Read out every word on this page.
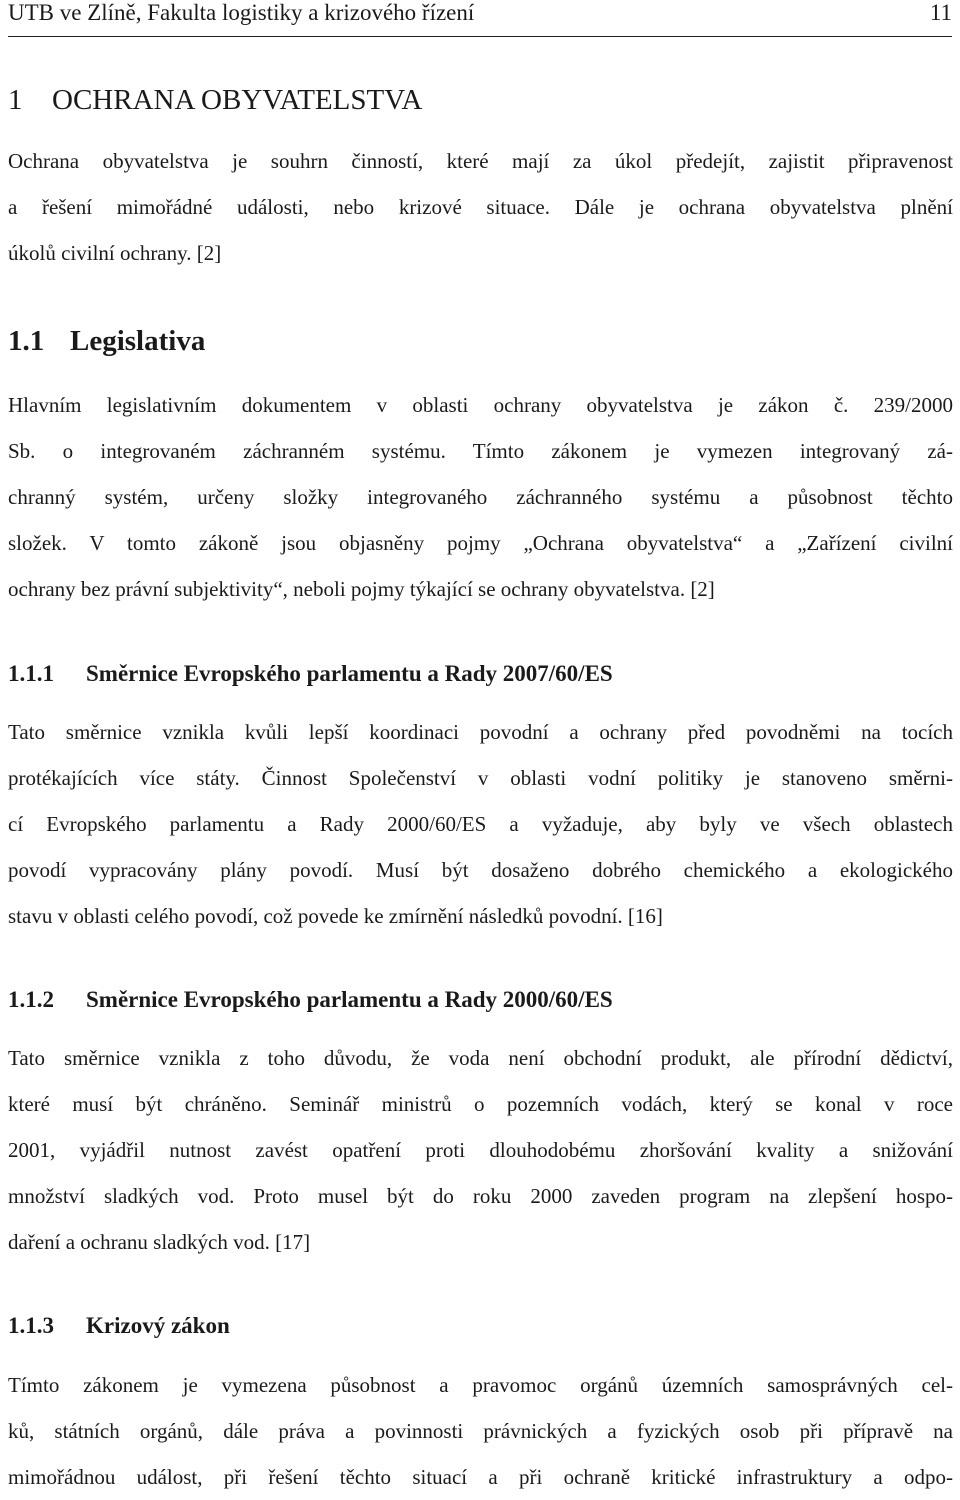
UTB ve Zlíně, Fakulta logistiky a krizového řízení	11
1 OCHRANA OBYVATELSTVA
Ochrana obyvatelstva je souhrn činností, které mají za úkol předejít, zajistit připravenost
a řešení mimořádné události, nebo krizové situace. Dále je ochrana obyvatelstva plnění
úkolů civilní ochrany. [2]
1.1 Legislativa
Hlavním legislativním dokumentem v oblasti ochrany obyvatelstva je zákon č. 239/2000
Sb. o integrovaném záchranném systému. Tímto zákonem je vymezen integrovaný zá-
chranný systém, určeny složky integrovaného záchranného systému a působnost těchto
složek. V tomto zákoně jsou objasněny pojmy „Ochrana obyvatelstva“ a „Zařízení civilní
ochrany bez právní subjektivity“, neboli pojmy týkající se ochrany obyvatelstva. [2]
1.1.1 Směrnice Evropského parlamentu a Rady 2007/60/ES
Tato směrnice vznikla kvůli lepší koordinaci povodní a ochrany před povodněmi na tocích
protékajících více státy. Činnost Společenství v oblasti vodní politiky je stanoveno směrni-
cí Evropského parlamentu a Rady 2000/60/ES a vyžaduje, aby byly ve všech oblastech
povodí vypracovány plány povodí. Musí být dosaženo dobrého chemického a ekologického
stavu v oblasti celého povodí, což povede ke zmírnění následků povodní. [16]
1.1.2 Směrnice Evropského parlamentu a Rady 2000/60/ES
Tato směrnice vznikla z toho důvodu, že voda není obchodní produkt, ale přírodní dědictví,
které musí být chráněno. Seminář ministrů o pozemních vodách, který se konal v roce
2001, vyjádřil nutnost zavést opatření proti dlouhodobému zhoršování kvality a snižování
množství sladkých vod. Proto musel být do roku 2000 zaveden program na zlepšení hospo-
daření a ochranu sladkých vod. [17]
1.1.3 Krizový zákon
Tímto zákonem je vymezena působnost a pravomoc orgánů územních samosprávných cel-
ků, státních orgánů, dále práva a povinnosti právnických a fyzických osob při přípravě na
mimořádnou událost, při řešení těchto situací a při ochraně kritické infrastruktury a odpo-
